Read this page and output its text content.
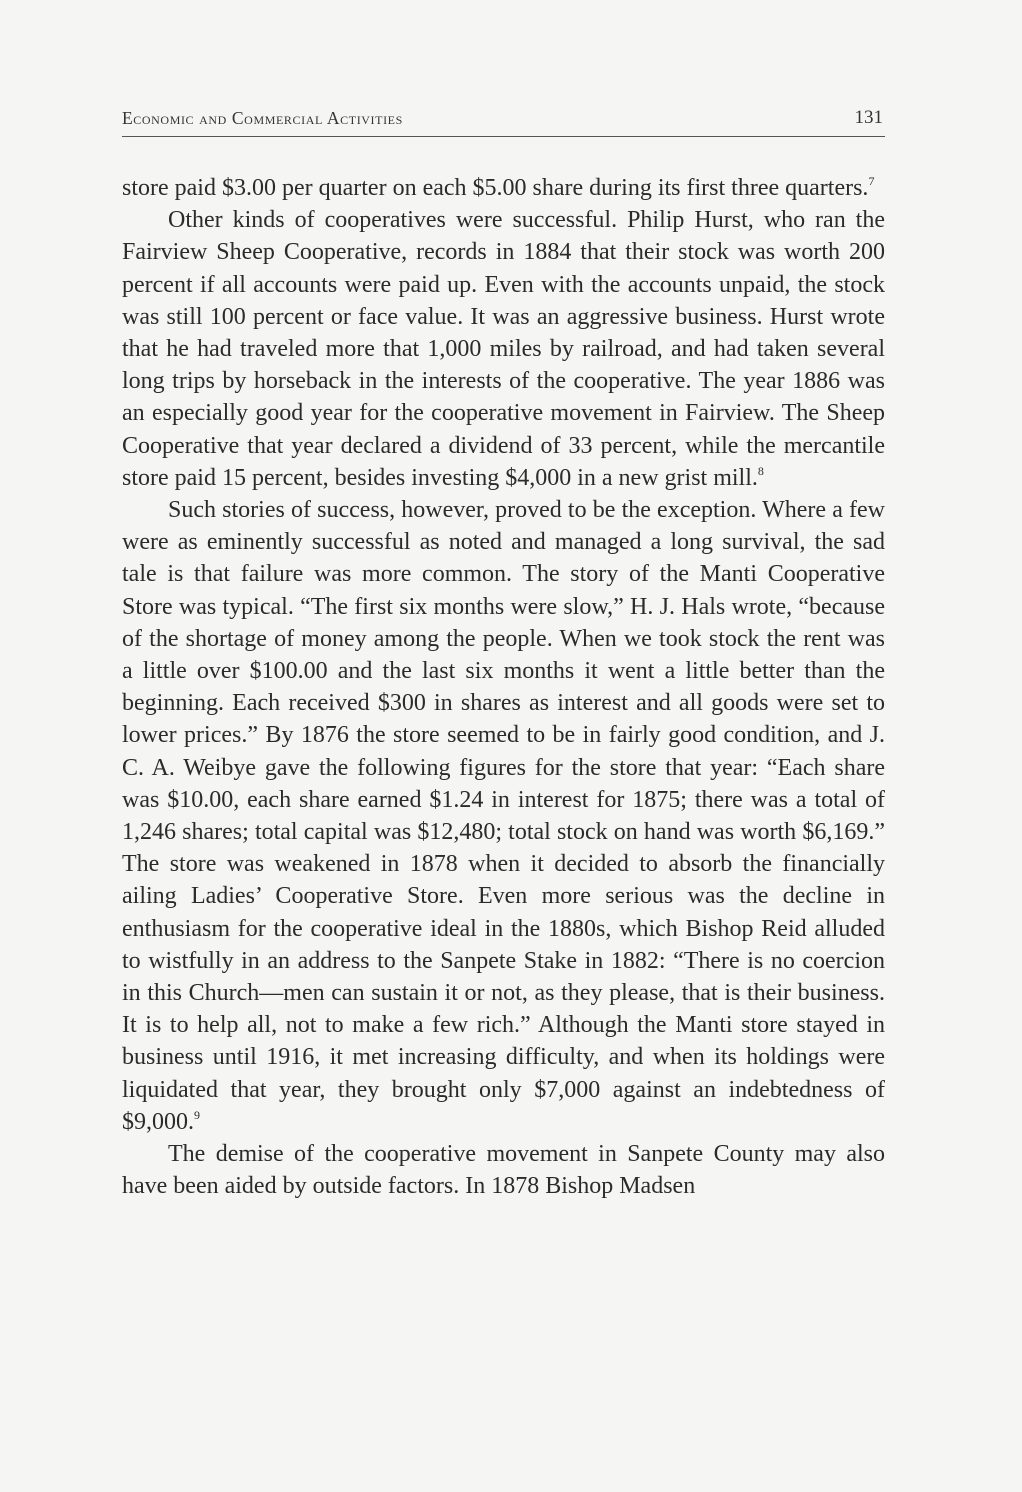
Economic and Commercial Activities	131

store paid $3.00 per quarter on each $5.00 share during its first three quarters.$^7$

Other kinds of cooperatives were successful. Philip Hurst, who ran the Fairview Sheep Cooperative, records in 1884 that their stock was worth 200 percent if all accounts were paid up. Even with the accounts unpaid, the stock was still 100 percent or face value. It was an aggressive business. Hurst wrote that he had traveled more that 1,000 miles by railroad, and had taken several long trips by horseback in the interests of the cooperative. The year 1886 was an especially good year for the cooperative movement in Fairview. The Sheep Cooperative that year declared a dividend of 33 percent, while the mercantile store paid 15 percent, besides investing $4,000 in a new grist mill.$^8$

Such stories of success, however, proved to be the exception. Where a few were as eminently successful as noted and managed a long survival, the sad tale is that failure was more common. The story of the Manti Cooperative Store was typical. “The first six months were slow,” H. J. Hals wrote, “because of the shortage of money among the people. When we took stock the rent was a little over $100.00 and the last six months it went a little better than the beginning. Each received $300 in shares as interest and all goods were set to lower prices.” By 1876 the store seemed to be in fairly good condition, and J. C. A. Weibye gave the following figures for the store that year: “Each share was $10.00, each share earned $1.24 in interest for 1875; there was a total of 1,246 shares; total capital was $12,480; total stock on hand was worth $6,169.” The store was weakened in 1878 when it decided to absorb the financially ailing Ladies’ Cooperative Store. Even more serious was the decline in enthusiasm for the cooperative ideal in the 1880s, which Bishop Reid alluded to wistfully in an address to the Sanpete Stake in 1882: “There is no coercion in this Church—men can sustain it or not, as they please, that is their business. It is to help all, not to make a few rich.” Although the Manti store stayed in business until 1916, it met increasing difficulty, and when its holdings were liquidated that year, they brought only $7,000 against an indebtedness of $9,000.$^9$

The demise of the cooperative movement in Sanpete County may also have been aided by outside factors. In 1878 Bishop Madsen
